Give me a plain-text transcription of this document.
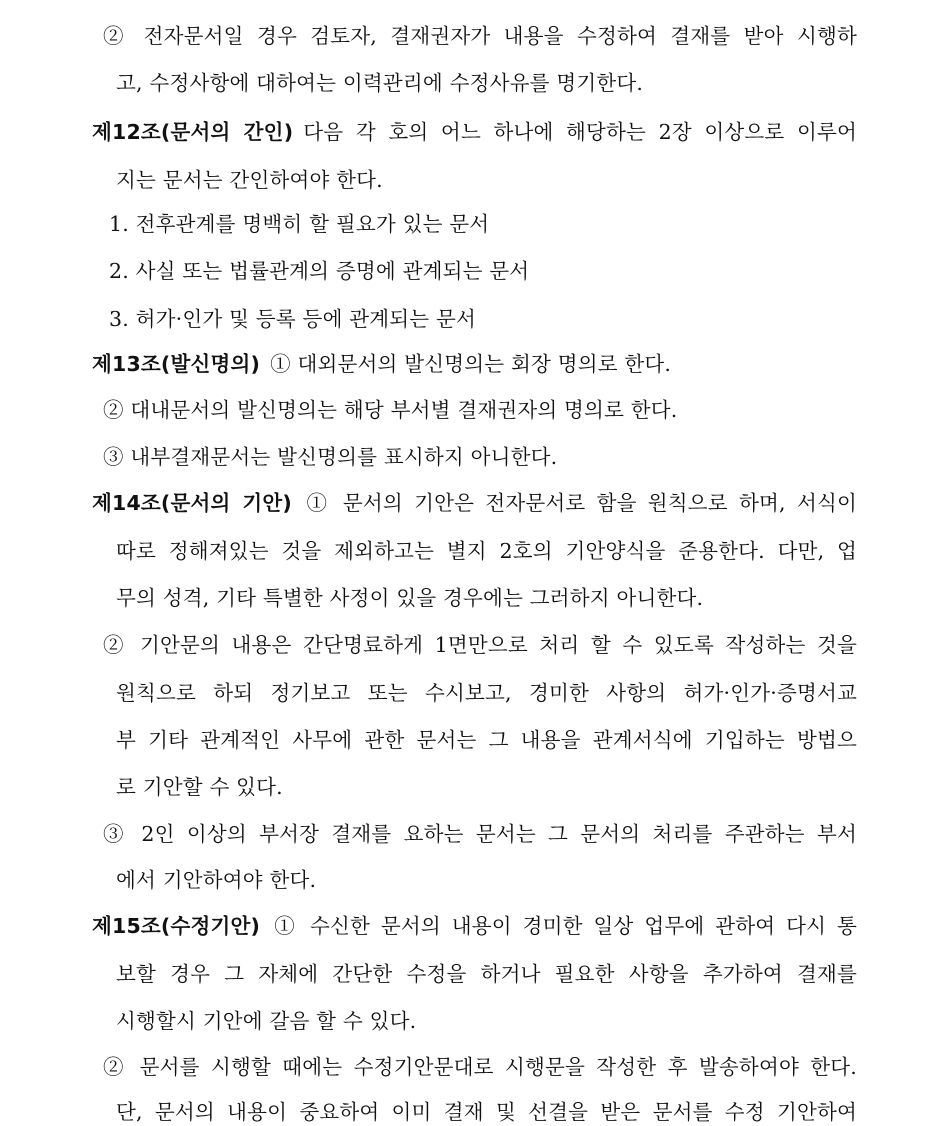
② 전자문서일 경우 검토자, 결재권자가 내용을 수정하여 결재를 받아 시행하
고, 수정사항에 대하여는 이력관리에 수정사유를 명기한다.
제12조(문서의 간인) 다음 각 호의 어느 하나에 해당하는 2장 이상으로 이루어
지는 문서는 간인하여야 한다.
1. 전후관계를 명백히 할 필요가 있는 문서
2. 사실 또는 법률관계의 증명에 관계되는 문서
3. 허가·인가 및 등록 등에 관계되는 문서
제13조(발신명의) ① 대외문서의 발신명의는 회장 명의로 한다.
② 대내문서의 발신명의는 해당 부서별 결재권자의 명의로 한다.
③ 내부결재문서는 발신명의를 표시하지 아니한다.
제14조(문서의 기안) ① 문서의 기안은 전자문서로 함을 원칙으로 하며, 서식이
따로 정해져있는 것을 제외하고는 별지 2호의 기안양식을 준용한다. 다만, 업
무의 성격, 기타 특별한 사정이 있을 경우에는 그러하지 아니한다.
② 기안문의 내용은 간단명료하게 1면만으로 처리 할 수 있도록 작성하는 것을
원칙으로 하되 정기보고 또는 수시보고, 경미한 사항의 허가·인가·증명서교
부 기타 관계적인 사무에 관한 문서는 그 내용을 관계서식에 기입하는 방법으
로 기안할 수 있다.
③ 2인 이상의 부서장 결재를 요하는 문서는 그 문서의 처리를 주관하는 부서
에서 기안하여야 한다.
제15조(수정기안) ① 수신한 문서의 내용이 경미한 일상 업무에 관하여 다시 통
보할 경우 그 자체에 간단한 수정을 하거나 필요한 사항을 추가하여 결재를
시행할시 기안에 갈음 할 수 있다.
② 문서를 시행할 때에는 수정기안문대로 시행문을 작성한 후 발송하여야 한다.
단, 문서의 내용이 중요하여 이미 결재 및 선결을 받은 문서를 수정 기안하여
